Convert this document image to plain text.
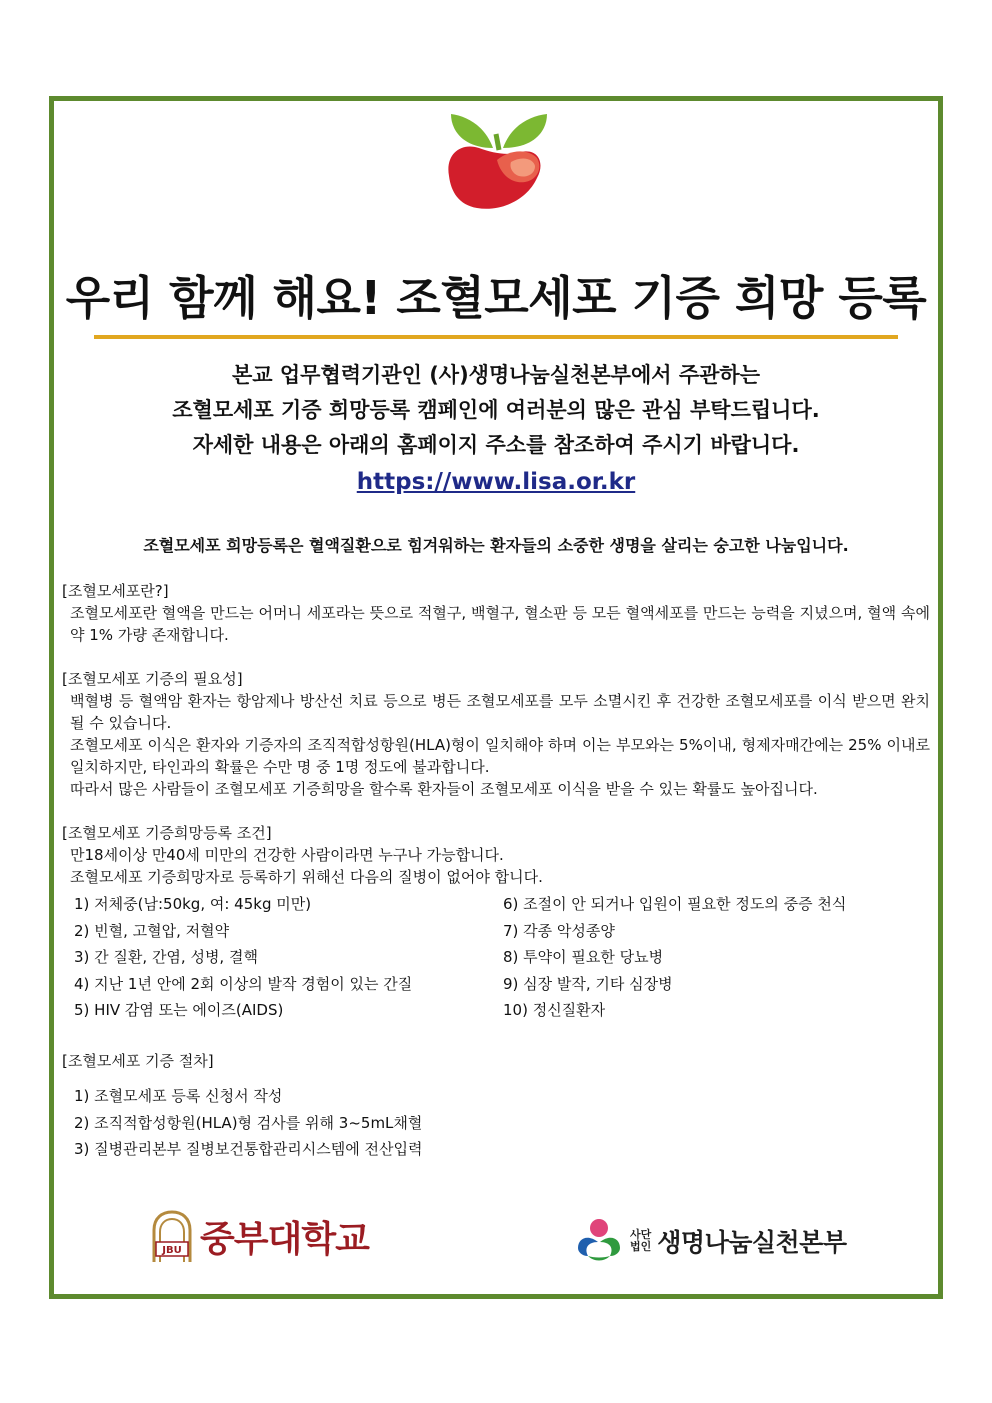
우리 함께 해요! 조혈모세포 기증 희망 등록
본교 업무협력기관인 (사)생명나눔실천본부에서 주관하는
조혈모세포 기증 희망등록 캠페인에 여러분의 많은 관심 부탁드립니다.
자세한 내용은 아래의 홈페이지 주소를 참조하여 주시기 바랍니다.
https://www.lisa.or.kr
조혈모세포 희망등록은 혈액질환으로 힘겨워하는 환자들의 소중한 생명을 살리는 숭고한 나눔입니다.
[조혈모세포란?]
조혈모세포란 혈액을 만드는 어머니 세포라는 뜻으로 적혈구, 백혈구, 혈소판 등 모든 혈액세포를 만드는 능력을 지녔으며, 혈액 속에 약 1% 가량 존재합니다.
[조혈모세포 기증의 필요성]
백혈병 등 혈액암 환자는 항암제나 방산선 치료 등으로 병든 조혈모세포를 모두 소멸시킨 후 건강한 조혈모세포를 이식 받으면 완치 될 수 있습니다.
조혈모세포 이식은 환자와 기증자의 조직적합성항원(HLA)형이 일치해야 하며 이는 부모와는 5%이내, 형제자매간에는 25% 이내로 일치하지만, 타인과의 확률은 수만 명 중 1명 정도에 불과합니다.
따라서 많은 사람들이 조혈모세포 기증희망을 할수록 환자들이 조혈모세포 이식을 받을 수 있는 확률도 높아집니다.
[조혈모세포 기증희망등록 조건]
만18세이상 만40세 미만의 건강한 사람이라면 누구나 가능합니다.
조혈모세포 기증희망자로 등록하기 위해선 다음의 질병이 없어야 합니다.
1) 저체중(남:50kg, 여: 45kg 미만)
2) 빈혈, 고혈압, 저혈약
3) 간 질환, 간염, 성병, 결핵
4) 지난 1년 안에 2회 이상의 발작 경험이 있는 간질
5) HIV 감염 또는 에이즈(AIDS)
6) 조절이 안 되거나 입원이 필요한 정도의 중증 천식
7) 각종 악성종양
8) 투약이 필요한 당뇨병
9) 심장 발작, 기타 심장병
10) 정신질환자
[조혈모세포 기증 절차]
1) 조혈모세포 등록 신청서 작성
2) 조직적합성항원(HLA)형 검사를 위해 3~5mL채혈
3) 질병관리본부 질병보건통합관리시스템에 전산입력
JBU 중부대학교	사단
법인 생명나눔실천본부
